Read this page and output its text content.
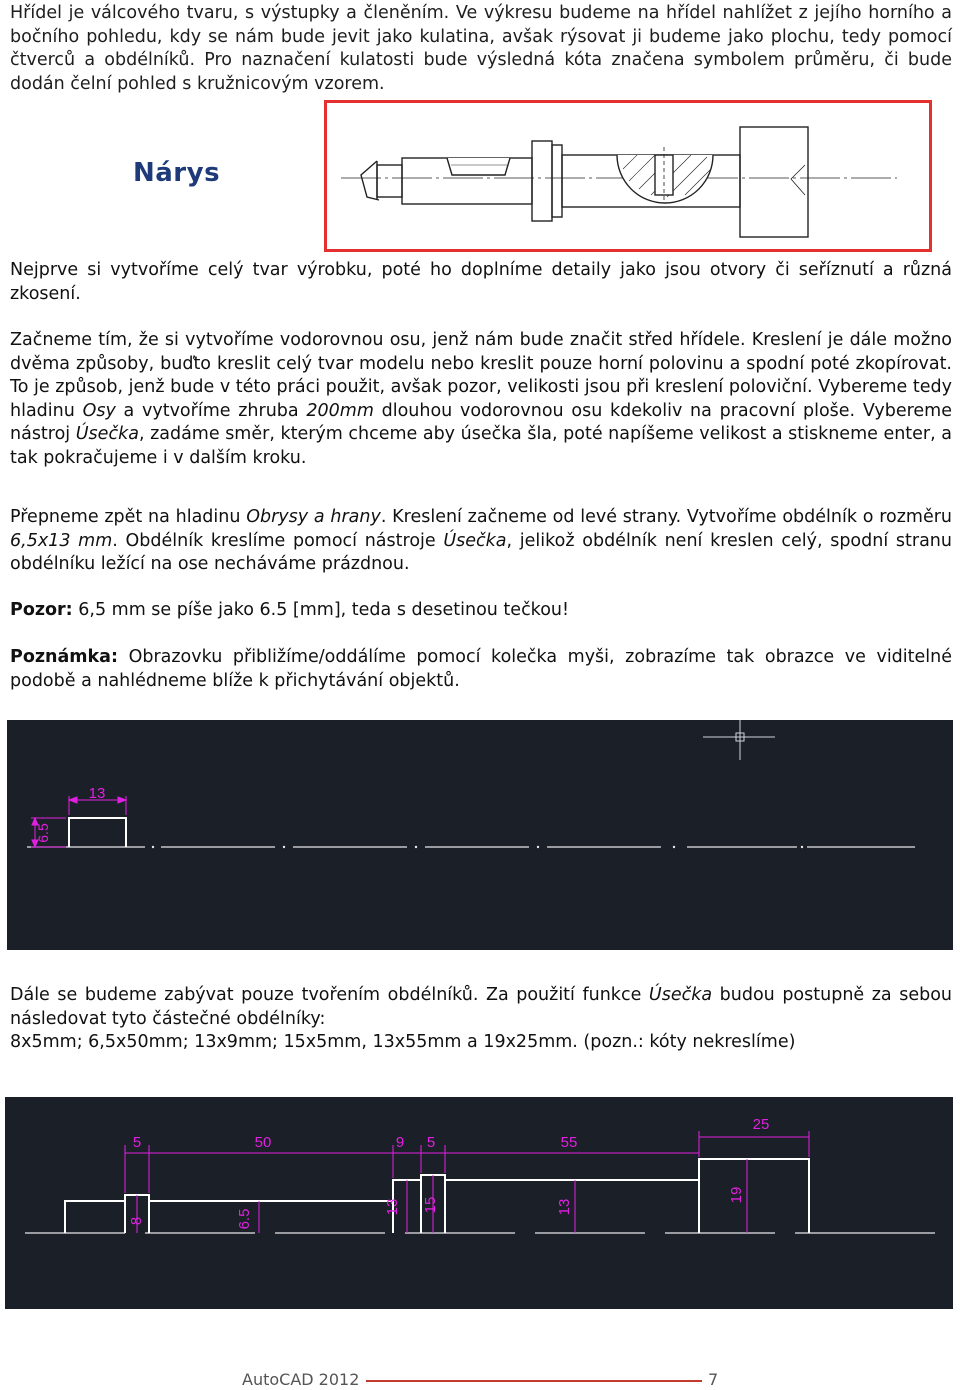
Hřídel je válcového tvaru, s výstupky a členěním. Ve výkresu budeme na hřídel nahlížet z jejího horního a bočního pohledu, kdy se nám bude jevit jako kulatina, avšak rýsovat ji budeme jako plochu, tedy pomocí čtverců a obdélníků. Pro naznačení kulatosti bude výsledná kóta značena symbolem průměru, či bude dodán čelní pohled s kružnicovým vzorem.

Nárys

Nejprve si vytvoříme celý tvar výrobku, poté ho doplníme detaily jako jsou otvory či seříznutí a různá zkosení.

Začneme tím, že si vytvoříme vodorovnou osu, jenž nám bude značit střed hřídele. Kreslení je dále možno dvěma způsoby, buďto kreslit celý tvar modelu nebo kreslit pouze horní polovinu a spodní poté zkopírovat. To je způsob, jenž bude v této práci použit, avšak pozor, velikosti jsou při kreslení poloviční. Vybereme tedy hladinu Osy a vytvoříme zhruba 200mm dlouhou vodorovnou osu kdekoliv na pracovní ploše. Vybereme nástroj Úsečka, zadáme směr, kterým chceme aby úsečka šla, poté napíšeme velikost a stiskneme enter, a tak pokračujeme i v dalším kroku.

Přepneme zpět na hladinu Obrysy a hrany. Kreslení začneme od levé strany. Vytvoříme obdélník o rozměru 6,5x13 mm. Obdélník kreslíme pomocí nástroje Úsečka, jelikož obdélník není kreslen celý, spodní stranu obdélníku ležící na ose necháváme prázdnou.

Pozor: 6,5 mm se píše jako 6.5 [mm], teda s desetinou tečkou!

Poznámka: Obrazovku přibližíme/oddálíme pomocí kolečka myši, zobrazíme tak obrazce ve viditelné podobě a nahlédneme blíže k přichytávání objektů.

13
6.5

Dále se budeme zabývat pouze tvořením obdélníků. Za použití funkce Úsečka budou postupně za sebou následovat tyto částečné obdélníky:
8x5mm; 6,5x50mm; 13x9mm; 15x5mm, 13x55mm a 19x25mm. (pozn.: kóty nekreslíme)

5	50	9 5	55
25
8	6.5
13 15	13
19
AutoCAD 2012	7
